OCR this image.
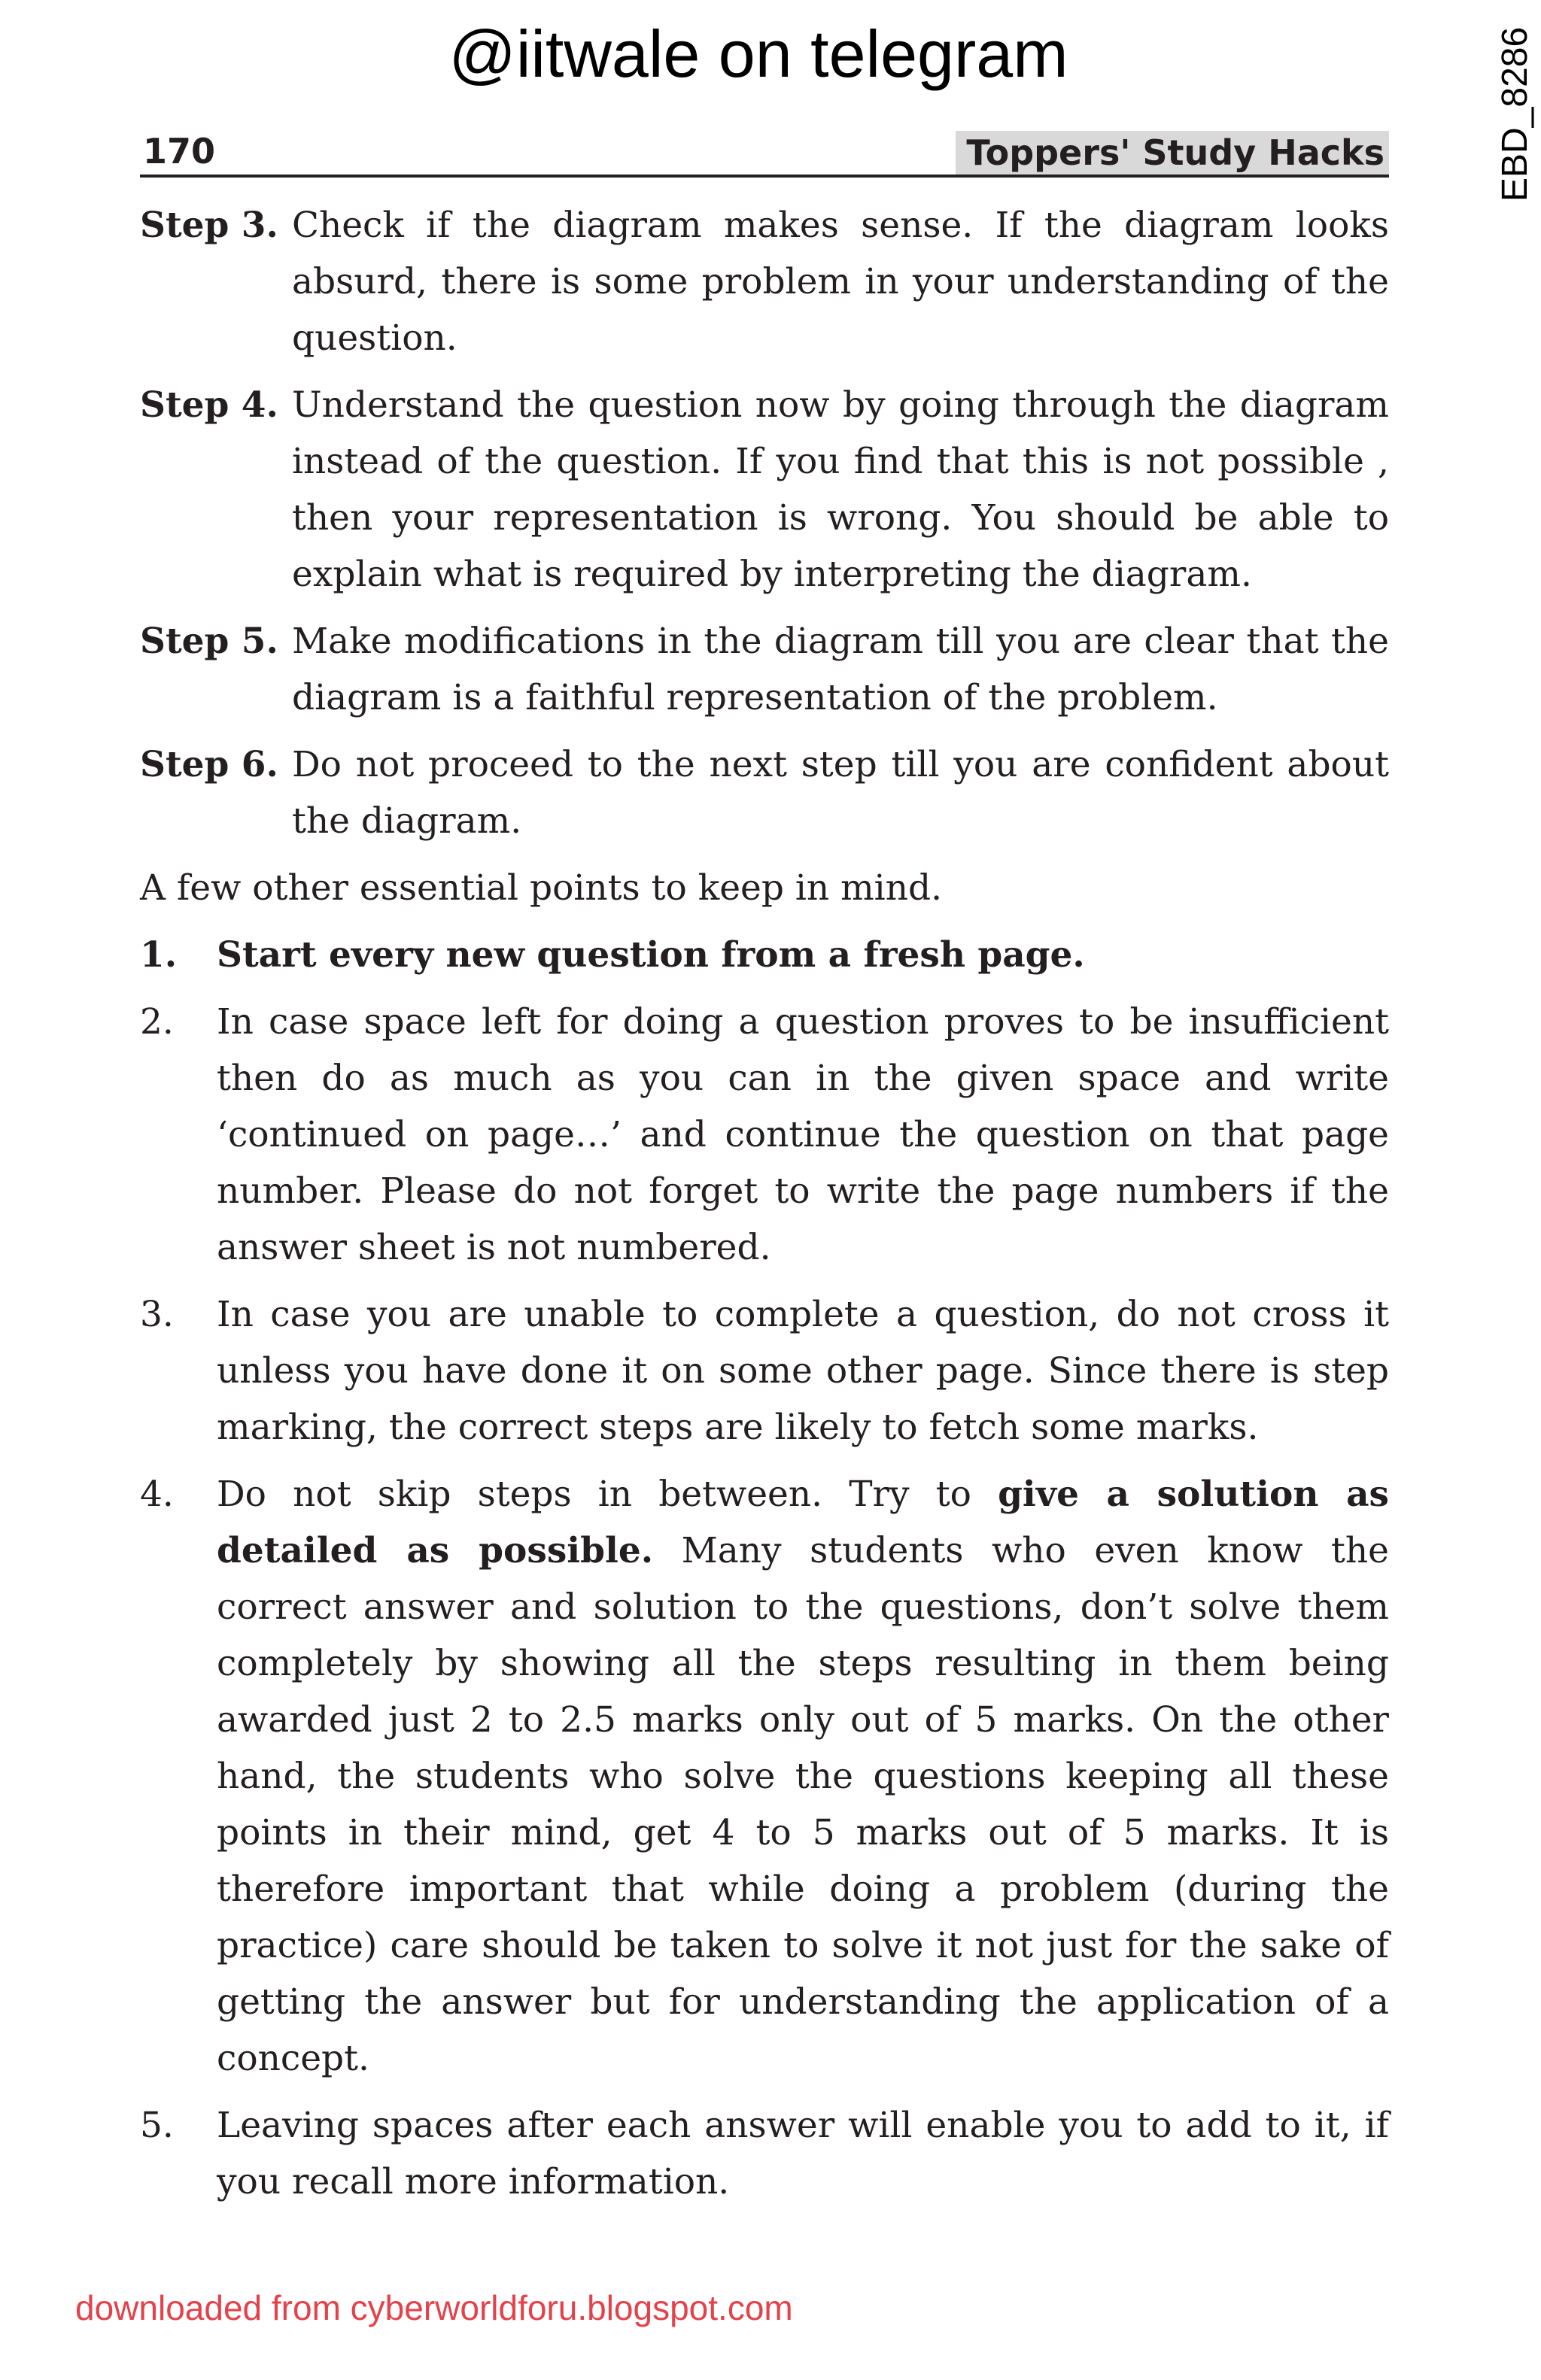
@iitwale on telegram	EBD_8286
170	Toppers' Study Hacks
Step 3. Check if the diagram makes sense. If the diagram looks absurd, there is some problem in your understanding of the question.
Step 4. Understand the question now by going through the diagram instead of the question. If you find that this is not possible , then your representation is wrong. You should be able to explain what is required by interpreting the diagram.
Step 5. Make modifications in the diagram till you are clear that the diagram is a faithful representation of the problem.
Step 6. Do not proceed to the next step till you are confident about the diagram.

A few other essential points to keep in mind.

1.	Start every new question from a fresh page.
2.	In case space left for doing a question proves to be insufficient then do as much as you can in the given space and write ‘continued on page…’ and continue the question on that page number. Please do not forget to write the page numbers if the answer sheet is not numbered.
3.	In case you are unable to complete a question, do not cross it unless you have done it on some other page. Since there is step marking, the correct steps are likely to fetch some marks.
4.	Do not skip steps in between. Try to give a solution as detailed as possible. Many students who even know the correct answer and solution to the questions, don’t solve them completely by showing all the steps resulting in them being awarded just 2 to 2.5 marks only out of 5 marks. On the other hand, the students who solve the questions keeping all these points in their mind, get 4 to 5 marks out of 5 marks. It is therefore important that while doing a problem (during the practice) care should be taken to solve it not just for the sake of getting the answer but for understanding the application of a concept.
5.	Leaving spaces after each answer will enable you to add to it, if you recall more information.
downloaded from cyberworldforu.blogspot.com
